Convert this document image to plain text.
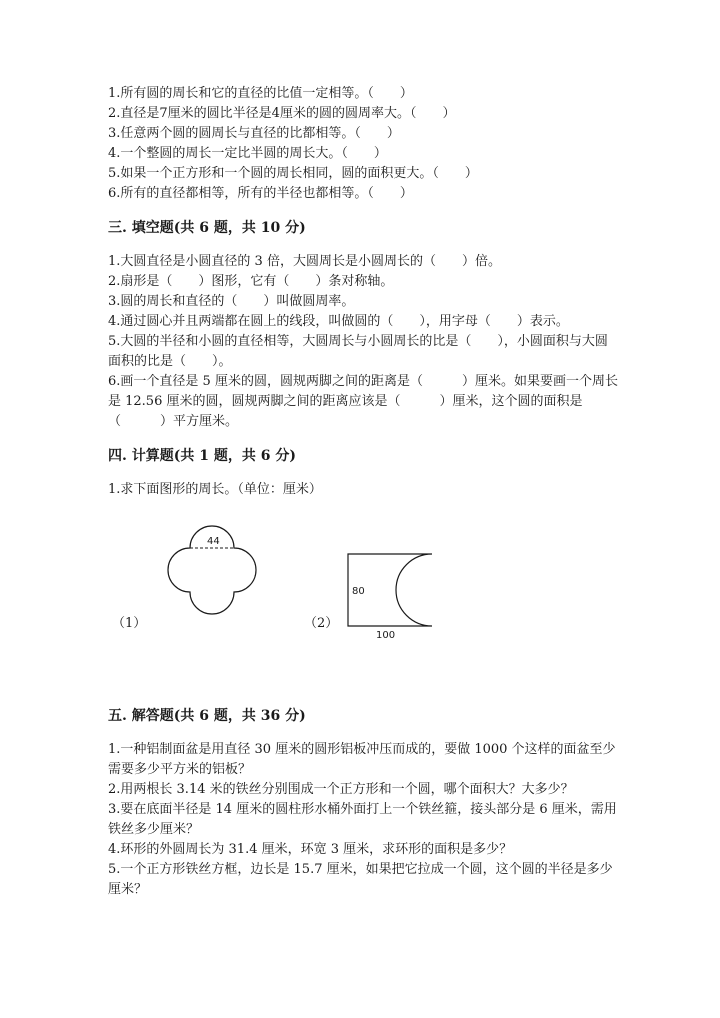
1.所有圆的周长和它的直径的比值一定相等。（　　）
2.直径是7厘米的圆比半径是4厘米的圆的圆周率大。（　　）
3.任意两个圆的圆周长与直径的比都相等。（　　）
4.一个整圆的周长一定比半圆的周长大。（　　）
5.如果一个正方形和一个圆的周长相同，圆的面积更大。（　　）
6.所有的直径都相等，所有的半径也都相等。（　　）
三. 填空题(共 6 题，共 10 分)
1.大圆直径是小圆直径的 3 倍，大圆周长是小圆周长的（　　）倍。
2.扇形是（　　）图形，它有（　　）条对称轴。
3.圆的周长和直径的（　　）叫做圆周率。
4.通过圆心并且两端都在圆上的线段，叫做圆的（　　），用字母（　　）表示。
5.大圆的半径和小圆的直径相等，大圆周长与小圆周长的比是（　　），小圆面积与大圆面积的比是（　　）。
6.画一个直径是 5 厘米的圆，圆规两脚之间的距离是（　　　）厘米。如果要画一个周长是 12.56 厘米的圆，圆规两脚之间的距离应该是（　　　）厘米，这个圆的面积是（　　　）平方厘米。
四. 计算题(共 1 题，共 6 分)
1.求下面图形的周长。（单位：厘米）
44
80
100
（1）	（2）
五. 解答题(共 6 题，共 36 分)
1.一种铝制面盆是用直径 30 厘米的圆形铝板冲压而成的，要做 1000 个这样的面盆至少需要多少平方米的铝板？
2.用两根长 3.14 米的铁丝分别围成一个正方形和一个圆，哪个面积大？大多少？
3.要在底面半径是 14 厘米的圆柱形水桶外面打上一个铁丝箍，接头部分是 6 厘米，需用铁丝多少厘米？
4.环形的外圆周长为 31.4 厘米，环宽 3 厘米，求环形的面积是多少？
5.一个正方形铁丝方框，边长是 15.7 厘米，如果把它拉成一个圆，这个圆的半径是多少厘米？
